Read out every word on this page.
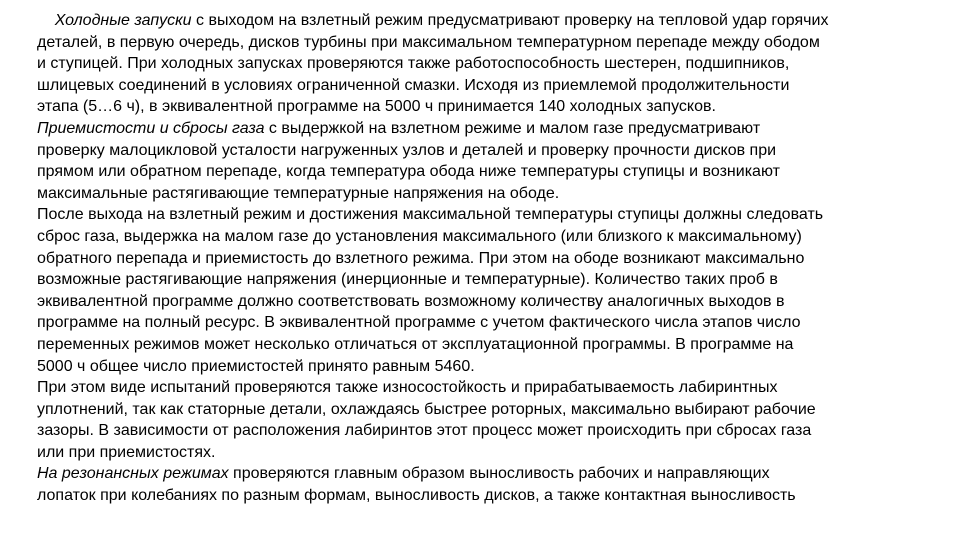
Холодные запуски с выходом на взлетный режим предусматривают проверку на тепловой удар горячих
деталей, в первую очередь, дисков турбины при максимальном температурном перепаде между ободом
и ступицей. При холодных запусках проверяются также работоспособность шестерен, подшипников,
шлицевых соединений в условиях ограниченной смазки. Исходя из приемлемой продолжительности
этапа (5…6 ч), в эквивалентной программе на 5000 ч принимается 140 холодных запусков.
Приемистости и сбросы газа с выдержкой на взлетном режиме и малом газе предусматривают
проверку малоцикловой усталости нагруженных узлов и деталей и проверку прочности дисков при
прямом или обратном перепаде, когда температура обода ниже температуры ступицы и возникают
максимальные растягивающие температурные напряжения на ободе.
После выхода на взлетный режим и достижения максимальной температуры ступицы должны следовать
сброс газа, выдержка на малом газе до установления максимального (или близкого к максимальному)
обратного перепада и приемистость до взлетного режима. При этом на ободе возникают максимально
возможные растягивающие напряжения (инерционные и температурные). Количество таких проб в
эквивалентной программе должно соответствовать возможному количеству аналогичных выходов в
программе на полный ресурс. В эквивалентной программе с учетом фактического числа этапов число
переменных режимов может несколько отличаться от эксплуатационной программы. В программе на
5000 ч общее число приемистостей принято равным 5460.
При этом виде испытаний проверяются также износостойкость и прирабатываемость лабиринтных
уплотнений, так как статорные детали, охлаждаясь быстрее роторных, максимально выбирают рабочие
зазоры. В зависимости от расположения лабиринтов этот процесс может происходить при сбросах газа
или при приемистостях.
На резонансных режимах проверяются главным образом выносливость рабочих и направляющих
лопаток при колебаниях по разным формам, выносливость дисков, а также контактная выносливость
